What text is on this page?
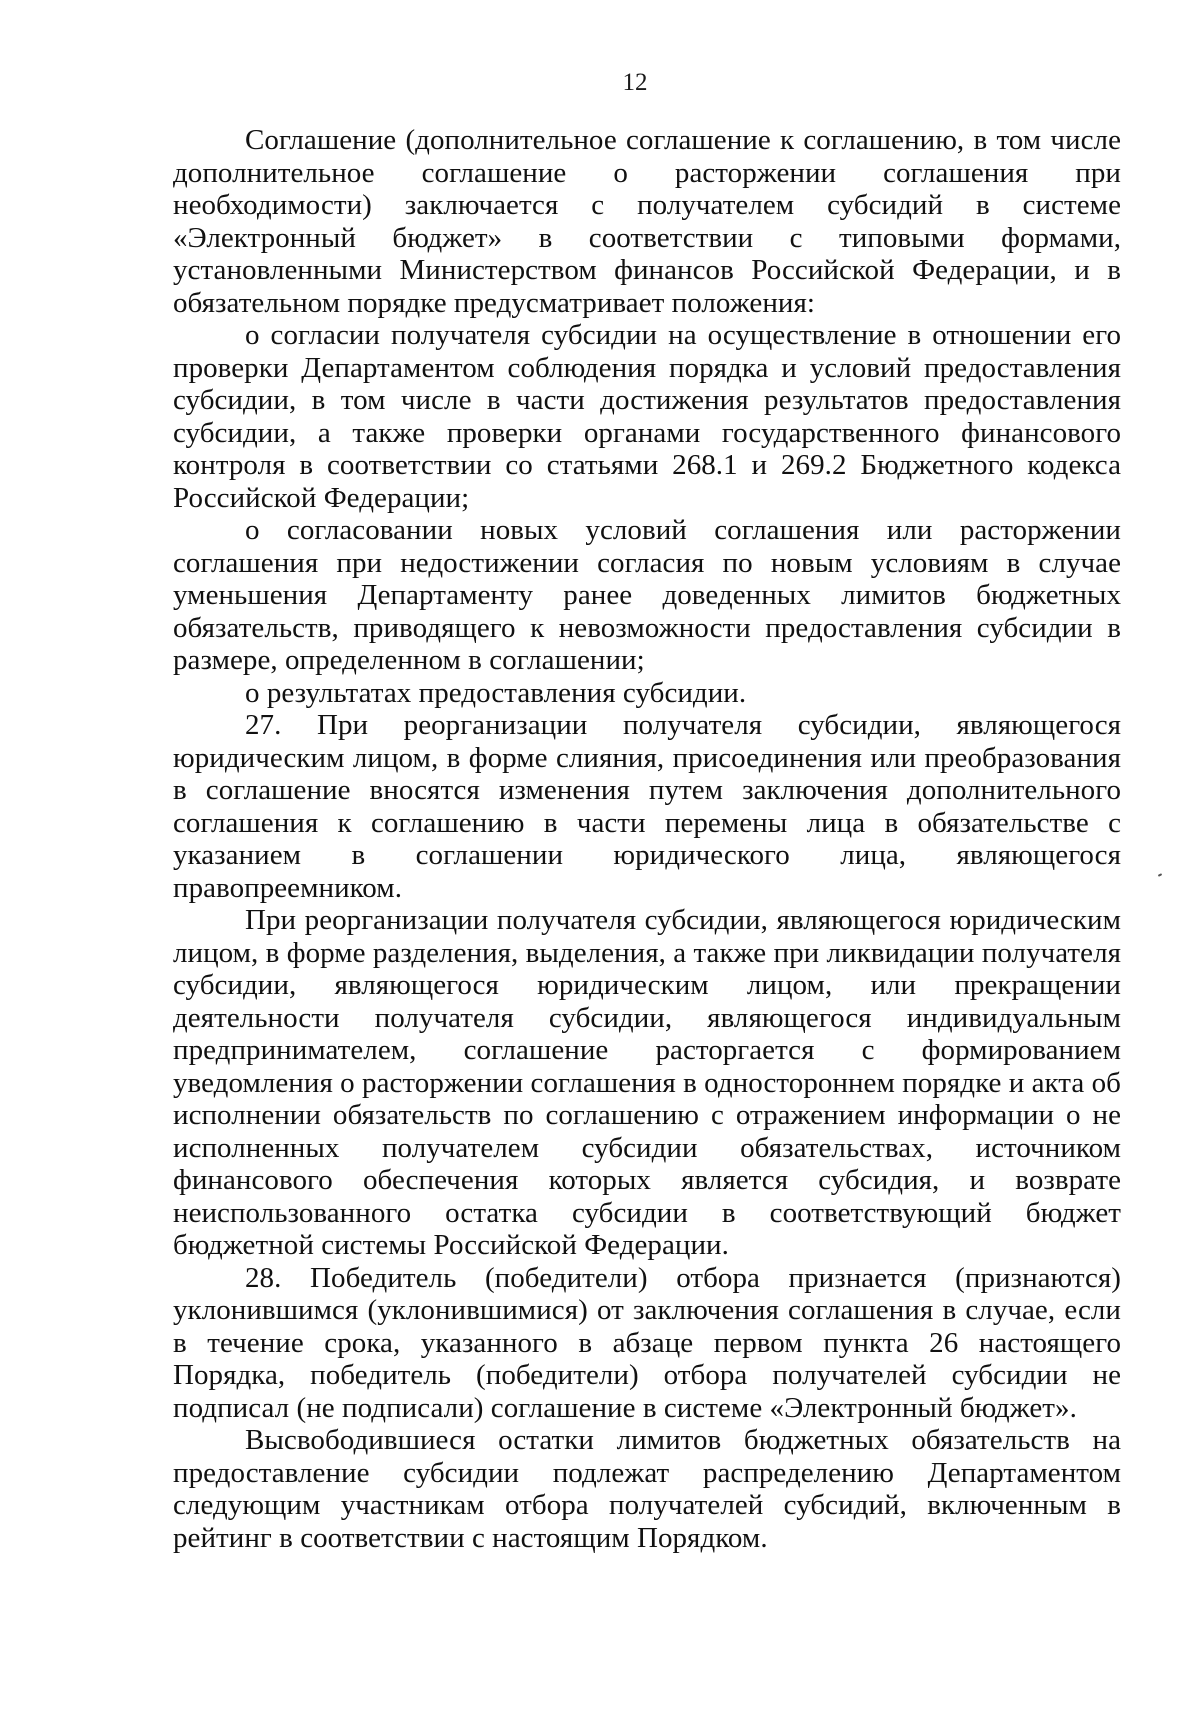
12

Соглашение (дополнительное соглашение к соглашению, в том числе дополнительное соглашение о расторжении соглашения при необходимости) заключается с получателем субсидий в системе «Электронный бюджет» в соответствии с типовыми формами, установленными Министерством финансов Российской Федерации, и в обязательном порядке предусматривает положения:

о согласии получателя субсидии на осуществление в отношении его проверки Департаментом соблюдения порядка и условий предоставления субсидии, в том числе в части достижения результатов предоставления субсидии, а также проверки органами государственного финансового контроля в соответствии со статьями 268.1 и 269.2 Бюджетного кодекса Российской Федерации;

о согласовании новых условий соглашения или расторжении соглашения при недостижении согласия по новым условиям в случае уменьшения Департаменту ранее доведенных лимитов бюджетных обязательств, приводящего к невозможности предоставления субсидии в размере, определенном в соглашении;

о результатах предоставления субсидии.

27. При реорганизации получателя субсидии, являющегося юридическим лицом, в форме слияния, присоединения или преобразования в соглашение вносятся изменения путем заключения дополнительного соглашения к соглашению в части перемены лица в обязательстве с указанием в соглашении юридического лица, являющегося правопреемником.

При реорганизации получателя субсидии, являющегося юридическим лицом, в форме разделения, выделения, а также при ликвидации получателя субсидии, являющегося юридическим лицом, или прекращении деятельности получателя субсидии, являющегося индивидуальным предпринимателем, соглашение расторгается с формированием уведомления о расторжении соглашения в одностороннем порядке и акта об исполнении обязательств по соглашению с отражением информации о не исполненных получателем субсидии обязательствах, источником финансового обеспечения которых является субсидия, и возврате неиспользованного остатка субсидии в соответствующий бюджет бюджетной системы Российской Федерации.

28. Победитель (победители) отбора признается (признаются) уклонившимся (уклонившимися) от заключения соглашения в случае, если в течение срока, указанного в абзаце первом пункта 26 настоящего Порядка, победитель (победители) отбора получателей субсидии не подписал (не подписали) соглашение в системе «Электронный бюджет».

Высвободившиеся остатки лимитов бюджетных обязательств на предоставление субсидии подлежат распределению Департаментом следующим участникам отбора получателей субсидий, включенным в рейтинг в соответствии с настоящим Порядком.
